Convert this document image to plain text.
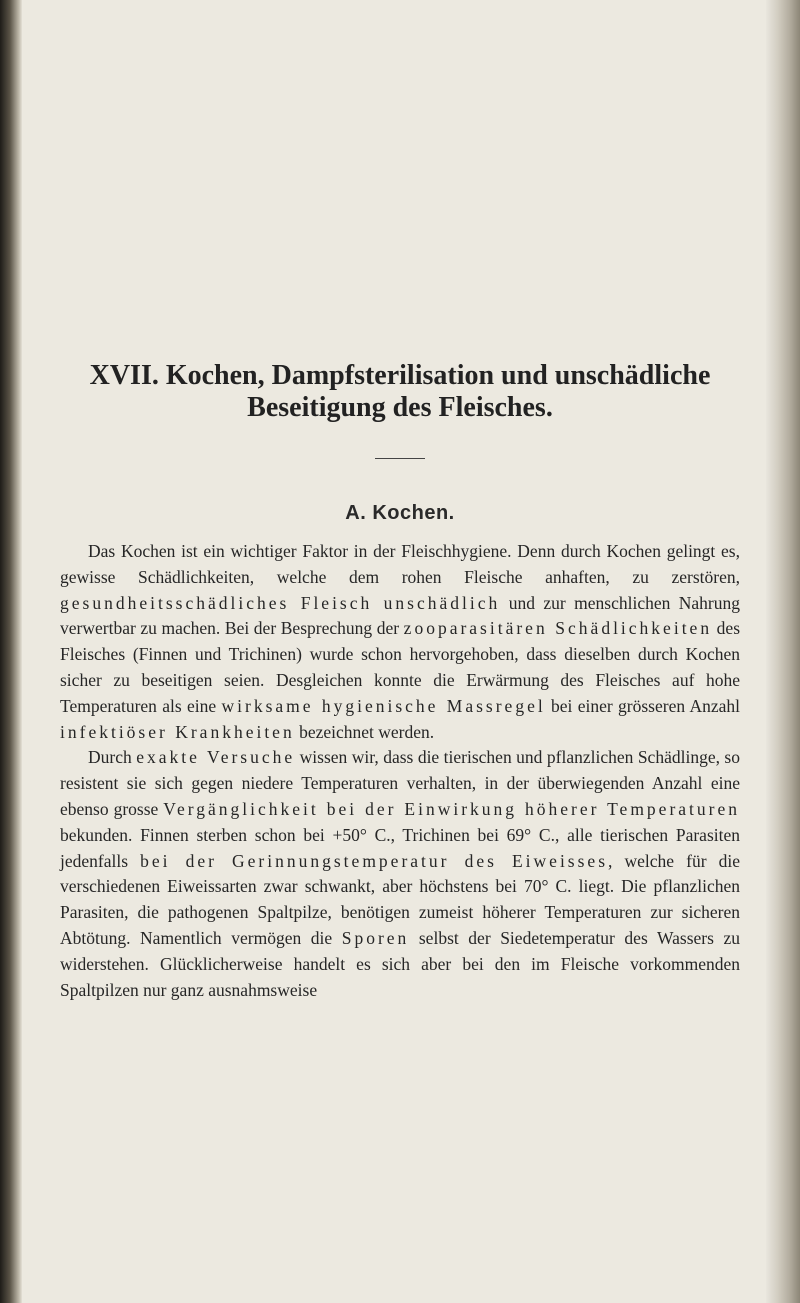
XVII. Kochen, Dampfsterilisation und unschädliche Beseitigung des Fleisches.
A. Kochen.

Das Kochen ist ein wichtiger Faktor in der Fleischhygiene. Denn durch Kochen gelingt es, gewisse Schädlichkeiten, welche dem rohen Fleische anhaften, zu zerstören, gesundheitsschädliches Fleisch unschädlich und zur menschlichen Nahrung verwertbar zu machen. Bei der Besprechung der zooparasitären Schädlichkeiten des Fleisches (Finnen und Trichinen) wurde schon hervorgehoben, dass dieselben durch Kochen sicher zu beseitigen seien. Desgleichen konnte die Erwärmung des Fleisches auf hohe Temperaturen als eine wirksame hygienische Massregel bei einer grösseren Anzahl infektiöser Krankheiten bezeichnet werden.

Durch exakte Versuche wissen wir, dass die tierischen und pflanzlichen Schädlinge, so resistent sie sich gegen niedere Temperaturen verhalten, in der überwiegenden Anzahl eine ebenso grosse Vergänglichkeit bei der Einwirkung höherer Temperaturen bekunden. Finnen sterben schon bei +50° C., Trichinen bei 69° C., alle tierischen Parasiten jedenfalls bei der Gerinnungstemperatur des Eiweisses, welche für die verschiedenen Eiweissarten zwar schwankt, aber höchstens bei 70° C. liegt. Die pflanzlichen Parasiten, die pathogenen Spaltpilze, benötigen zumeist höherer Temperaturen zur sicheren Abtötung. Namentlich vermögen die Sporen selbst der Siedetemperatur des Wassers zu widerstehen. Glücklicherweise handelt es sich aber bei den im Fleische vorkommenden Spaltpilzen nur ganz ausnahmsweise
